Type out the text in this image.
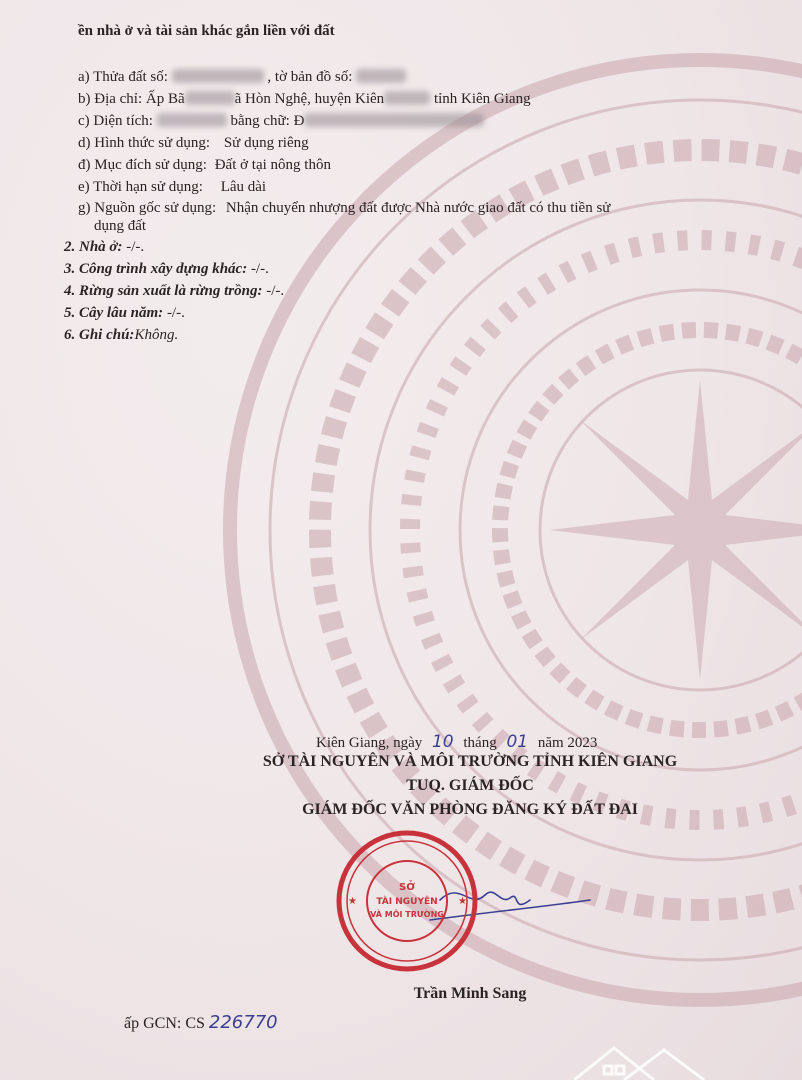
ền nhà ở và tài sản khác gắn liền với đất
a) Thửa đất số:	, tờ bản đồ số:
b) Địa chỉ: Ấp Bã	ã Hòn Nghệ, huyện Kiên	tỉnh Kiên Giang
c) Diện tích:	bằng chữ: Đ
d) Hình thức sử dụng: Sử dụng riêng
đ) Mục đích sử dụng: Đất ở tại nông thôn
e) Thời hạn sử dụng: Lâu dài
g) Nguồn gốc sử dụng: Nhận chuyển nhượng đất được Nhà nước giao đất có thu tiền sử
dụng đất
2. Nhà ở: -/-.
3. Công trình xây dựng khác: -/-.
4. Rừng sản xuất là rừng trồng: -/-.
5. Cây lâu năm: -/-.
6. Ghi chú:Không.
Kiên Giang, ngày 10 tháng 01 năm 2023
SỞ TÀI NGUYÊN VÀ MÔI TRƯỜNG TỈNH KIÊN GIANG
TUQ. GIÁM ĐỐC
GIÁM ĐỐC VĂN PHÒNG ĐĂNG KÝ ĐẤT ĐAI
★	★
SỞ
TÀI NGUYÊN
VÀ MÔI TRƯỜNG
Trần Minh Sang
ấp GCN: CS 226770
